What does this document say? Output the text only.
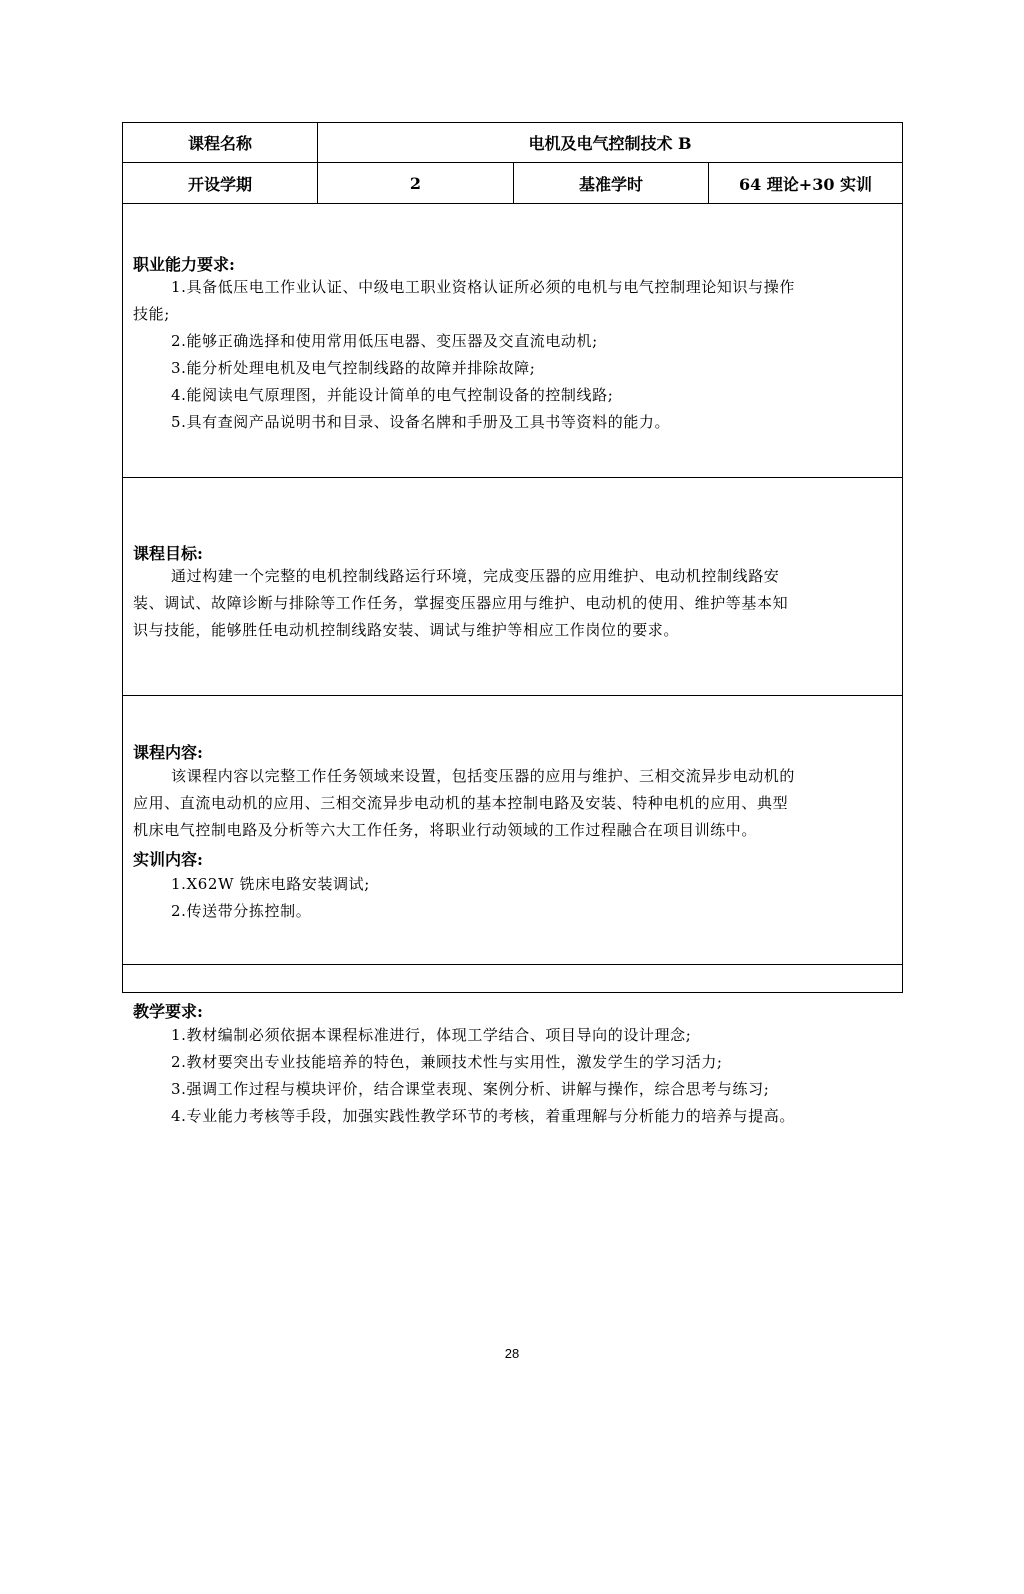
课程名称	电机及电气控制技术 B
开设学期	2	基准学时	64 理论+30 实训
职业能力要求:
1.具备低压电工作业认证、中级电工职业资格认证所必须的电机与电气控制理论知识与操作
技能;
2.能够正确选择和使用常用低压电器、变压器及交直流电动机;
3.能分析处理电机及电气控制线路的故障并排除故障;
4.能阅读电气原理图，并能设计简单的电气控制设备的控制线路;
5.具有查阅产品说明书和目录、设备名牌和手册及工具书等资料的能力。
课程目标:
通过构建一个完整的电机控制线路运行环境，完成变压器的应用维护、电动机控制线路安
装、调试、故障诊断与排除等工作任务，掌握变压器应用与维护、电动机的使用、维护等基本知
识与技能，能够胜任电动机控制线路安装、调试与维护等相应工作岗位的要求。
课程内容:
该课程内容以完整工作任务领域来设置，包括变压器的应用与维护、三相交流异步电动机的
应用、直流电动机的应用、三相交流异步电动机的基本控制电路及安装、特种电机的应用、典型
机床电气控制电路及分析等六大工作任务，将职业行动领域的工作过程融合在项目训练中。
实训内容:
1.X62W 铣床电路安装调试;
2.传送带分拣控制。
教学要求:
1.教材编制必须依据本课程标准进行，体现工学结合、项目导向的设计理念;
2.教材要突出专业技能培养的特色，兼顾技术性与实用性，激发学生的学习活力;
3.强调工作过程与模块评价，结合课堂表现、案例分析、讲解与操作，综合思考与练习;
4.专业能力考核等手段，加强实践性教学环节的考核，着重理解与分析能力的培养与提高。
28
